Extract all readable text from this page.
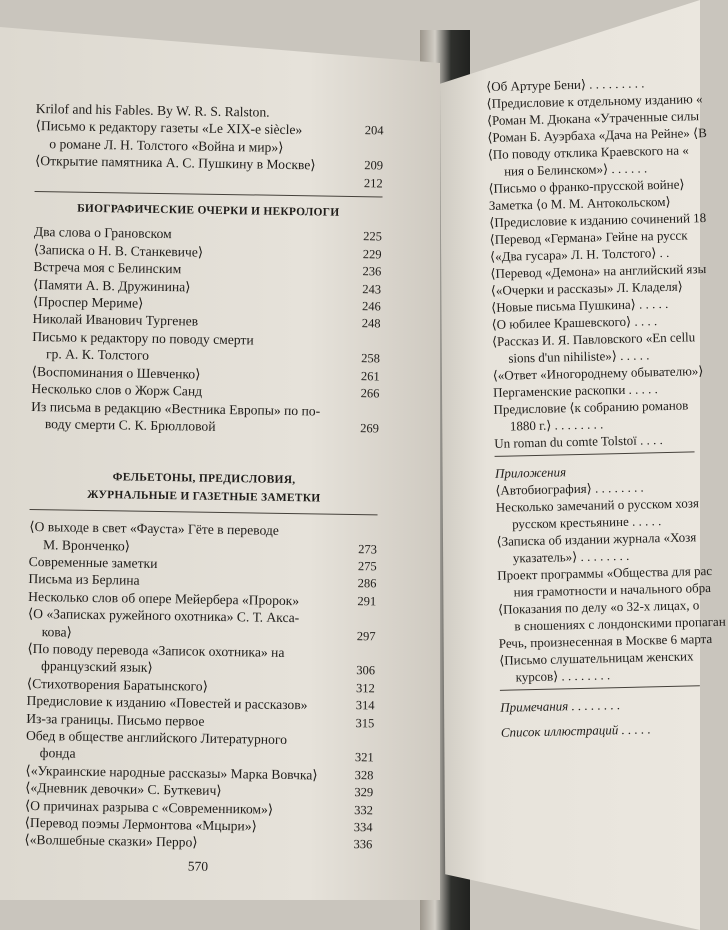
Krilof and his Fables. By W. R. S. Ralston.
⟨Письмо к редактору газеты «Le XIX-e siècle»	204
о романе Л. Н. Толстого «Война и мир»⟩
⟨Открытие памятника А. С. Пушкину в Москве⟩	209

212
БИОГРАФИЧЕСКИЕ ОЧЕРКИ И НЕКРОЛОГИ
Два слова о Грановском	225
⟨Записка о Н. В. Станкевиче⟩	229
Встреча моя с Белинским	236
⟨Памяти А. В. Дружинина⟩	243
⟨Проспер Мериме⟩	246
Николай Иванович Тургенев	248
Письмо к редактору по поводу смерти
гр. А. К. Толстого	258
⟨Воспоминания о Шевченко⟩	261
Несколько слов о Жорж Санд	266
Из письма в редакцию «Вестника Европы» по по-
воду смерти С. К. Брюлловой	269
ФЕЛЬЕТОНЫ, ПРЕДИСЛОВИЯ,
ЖУРНАЛЬНЫЕ И ГАЗЕТНЫЕ ЗАМЕТКИ
⟨О выходе в свет «Фауста» Гёте в переводе
М. Вронченко⟩	273
Современные заметки	275
Письма из Берлина	286
Несколько слов об опере Мейербера «Пророк»	291
⟨О «Записках ружейного охотника» С. Т. Акса-
кова⟩	297
⟨По поводу перевода «Записок охотника» на
французский язык⟩	306
⟨Стихотворения Баратынского⟩	312
Предисловие к изданию «Повестей и рассказов»	314
Из-за границы. Письмо первое	315
Обед в обществе английского Литературного
фонда	321
⟨«Украинские народные рассказы» Марка Вовчка⟩	328
⟨«Дневник девочки» С. Буткевич⟩	329
⟨О причинах разрыва с «Современником»⟩	332
⟨Перевод поэмы Лермонтова «Мцыри»⟩	334
⟨«Волшебные сказки» Перро⟩	336
570
⟨Об Артуре Бени⟩ . . . . . . . . .
⟨Предисловие к отдельному изданию «
⟨Роман М. Дюкана «Утраченные силы
⟨Роман Б. Ауэрбаха «Дача на Рейне» ⟨В
⟨По поводу отклика Краевского на «
ния о Белинском»⟩ . . . . . .
⟨Письмо о франко-прусской войне⟩
Заметка ⟨о М. М. Антокольском⟩
⟨Предисловие к изданию сочинений 18
⟨Перевод «Германа» Гейне на русск
⟨«Два гусара» Л. Н. Толстого⟩ . .
⟨Перевод «Демона» на английский язы
⟨«Очерки и рассказы» Л. Кладеля⟩
⟨Новые письма Пушкина⟩ . . . . .
⟨О юбилее Крашевского⟩ . . . .
⟨Рассказ И. Я. Павловского «En cellu
sions d'un nihiliste»⟩ . . . . .
⟨«Ответ «Иногороднему обывателю»⟩
Пергаменские раскопки . . . . .
Предисловие ⟨к собранию романов
1880 г.⟩ . . . . . . . .
Un roman du comte Tolstoï . . . .
Приложения
⟨Автобиография⟩ . . . . . . . .
Несколько замечаний о русском хозя
русском крестьянине . . . . .
⟨Записка об издании журнала «Хозя
указатель»⟩ . . . . . . . .
Проект программы «Общества для рас
ния грамотности и начального обра
⟨Показания по делу «о 32-х лицах, о
в сношениях с лондонскими пропаган
Речь, произнесенная в Москве 6 марта
⟨Письмо слушательницам женских
курсов⟩ . . . . . . . .
Примечания . . . . . . . .
Список иллюстраций . . . . .
